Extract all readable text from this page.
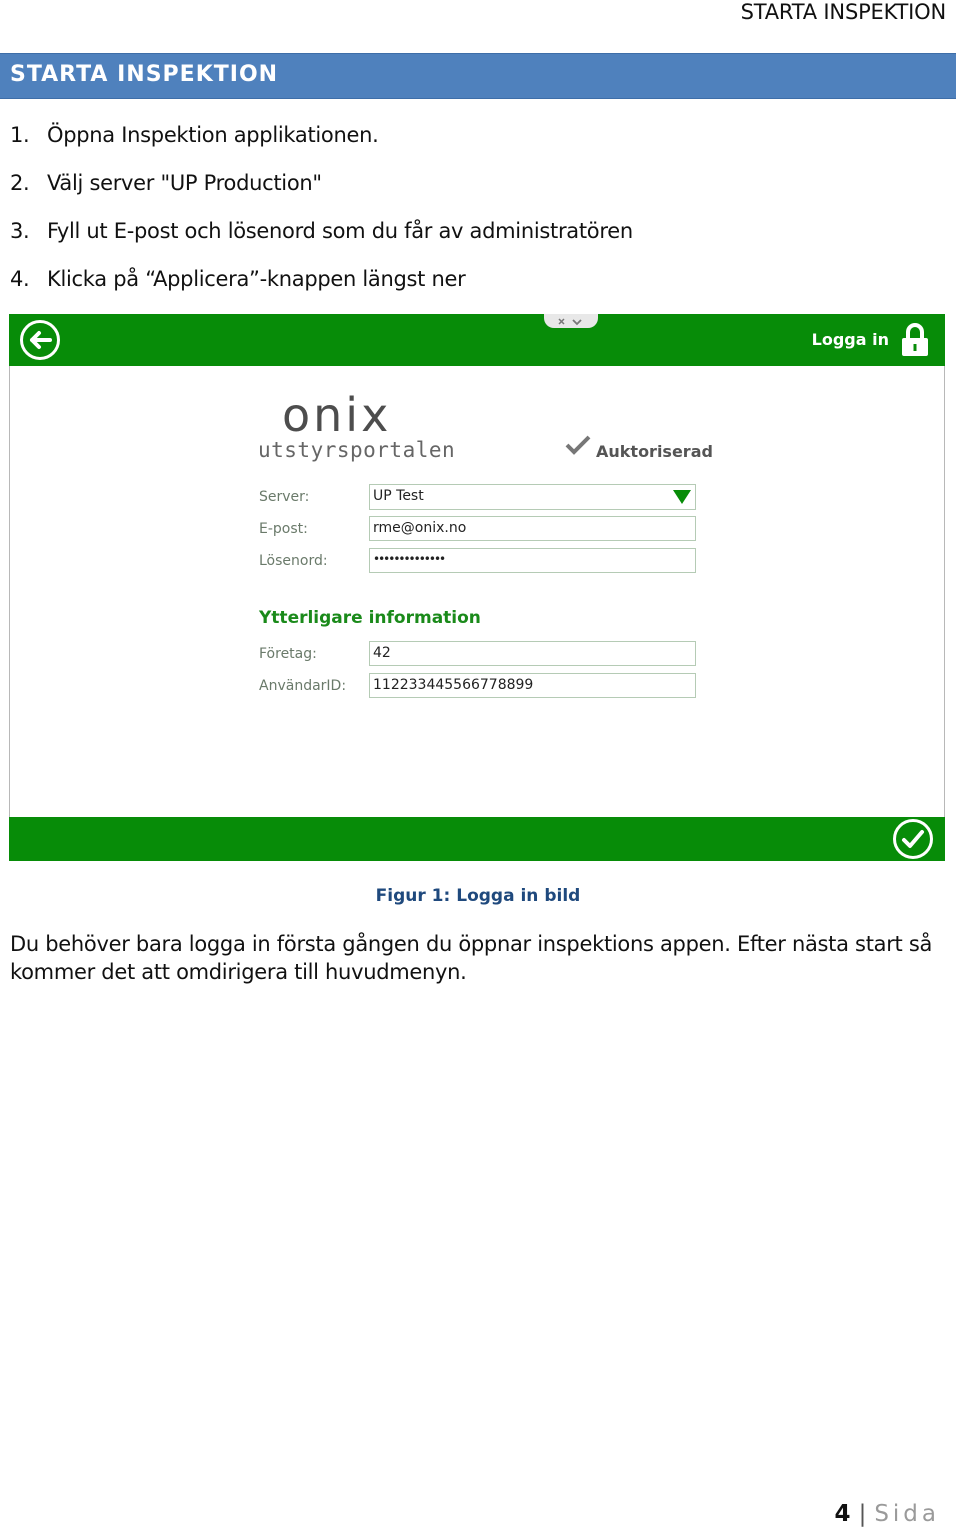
STARTA INSPEKTION
STARTA INSPEKTION
1. Öppna Inspektion applikationen.
2. Välj server "UP Production"
3. Fyll ut E-post och lösenord som du får av administratören
4. Klicka på “Applicera”-knappen längst ner
Logga in
onix
utstyrsportalen	Auktoriserad
Server:	UP Test
E-post:	rme@onix.no
Lösenord:	••••••••••••••
Ytterligare information
Företag:	42
AnvändarID: 112233445566778899
Figur 1: Logga in bild
Du behöver bara logga in första gången du öppnar inspektions appen. Efter nästa start så kommer det att omdirigera till huvudmenyn.
4 | Sida
